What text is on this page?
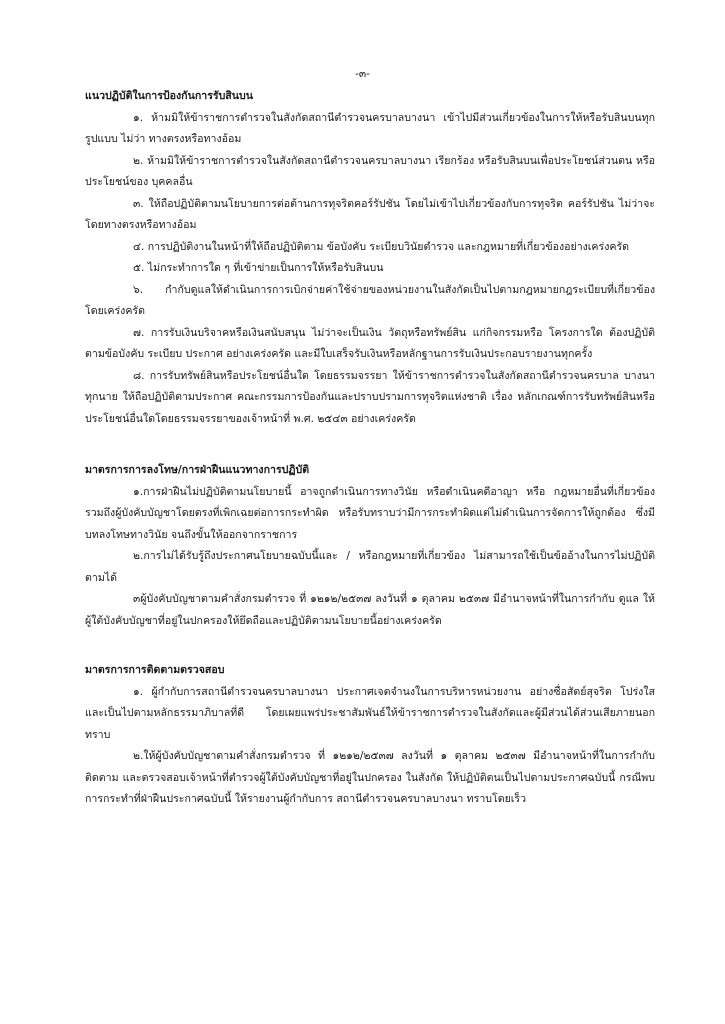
-๓-
แนวปฏิบัติในการป้องกันการรับสินบน

๑. ห้ามมิให้ข้าราชการตำรวจในสังกัดสถานีตำรวจนครบาลบางนา เข้าไปมีส่วนเกี่ยวข้องในการให้หรือรับสินบนทุกรูปแบบ ไม่ว่า ทางตรงหรือทางอ้อม

๒. ห้ามมิให้ข้าราชการตำรวจในสังกัดสถานีตำรวจนครบาลบางนา เรียกร้อง หรือรับสินบนเพื่อประโยชน์ส่วนตน หรือประโยชน์ของ บุคคลอื่น

๓. ให้ถือปฏิบัติตามนโยบายการต่อต้านการทุจริตคอร์รัปชัน โดยไม่เข้าไปเกี่ยวข้องกับการทุจริต คอร์รัปชัน ไม่ว่าจะโดยทางตรงหรือทางอ้อม

๔. การปฏิบัติงานในหน้าที่ให้ถือปฏิบัติตาม ข้อบังคับ ระเบียบวินัยตำรวจ และกฎหมายที่เกี่ยวข้องอย่างเคร่งครัด

๕. ไม่กระทำการใด ๆ ที่เข้าข่ายเป็นการให้หรือรับสินบน

๖. กำกับดูแลให้ดำเนินการการเบิกจ่ายค่าใช้จ่ายของหน่วยงานในสังกัดเป็นไปตามกฎหมายกฎระเบียบที่เกี่ยวข้องโดยเคร่งครัด

๗. การรับเงินบริจาคหรือเงินสนับสนุน ไม่ว่าจะเป็นเงิน วัตถุหรือทรัพย์สิน แก่กิจกรรมหรือ โครงการใด ต้องปฏิบัติตามข้อบังคับ ระเบียบ ประกาศ อย่างเคร่งครัด และมีใบเสร็จรับเงินหรือหลักฐานการรับเงินประกอบรายงานทุกครั้ง

๘. การรับทรัพย์สินหรือประโยชน์อื่นใด โดยธรรมจรรยา ให้ข้าราชการตำรวจในสังกัดสถานีตำรวจนครบาล บางนา ทุกนาย ให้ถือปฏิบัติตามประกาศ คณะกรรมการป้องกันและปราบปรามการทุจริตแห่งชาติ เรื่อง หลักเกณฑ์การรับทรัพย์สินหรือประโยชน์อื่นใดโดยธรรมจรรยาของเจ้าหน้าที่ พ.ศ. ๒๕๔๓ อย่างเคร่งครัด

มาตรการการลงโทษ/การฝ่าฝืนแนวทางการปฏิบัติ

๑.การฝ่าฝืนไม่ปฏิบัติตามนโยบายนี้ อาจถูกดำเนินการทางวินัย หรือดำเนินคดีอาญา หรือ กฎหมายอื่นที่เกี่ยวข้อง รวมถึงผู้บังคับบัญชาโดยตรงที่เพิกเฉยต่อการกระทำผิด หรือรับทราบว่ามีการกระทำผิดแต่ไม่ดำเนินการจัดการให้ถูกต้อง ซึ่งมีบทลงโทษทางวินัย จนถึงขั้นให้ออกจากราชการ

๒.การไม่ได้รับรู้ถึงประกาศนโยบายฉบับนี้และ / หรือกฎหมายที่เกี่ยวข้อง ไม่สามารถใช้เป็นข้ออ้างในการไม่ปฏิบัติตามได้

๓ผู้บังคับบัญชาตามคำสั่งกรมตำรวจ ที่ ๑๒๑๒/๒๕๓๗ ลงวันที่ ๑ ตุลาคม ๒๕๓๗ มีอำนาจหน้าที่ในการกำกับ ดูแล ให้ผู้ใต้บังคับบัญชาที่อยู่ในปกครองให้ยึดถือและปฏิบัติตามนโยบายนี้อย่างเคร่งครัด

มาตรการการติดตามตรวจสอบ

๑. ผู้กำกับการสถานีตำรวจนครบาลบางนา ประกาศเจตจำนงในการบริหารหน่วยงาน อย่างซื่อสัตย์สุจริต โปร่งใส และเป็นไปตามหลักธรรมาภิบาลที่ดี โดยเผยแพร่ประชาสัมพันธ์ให้ข้าราชการตำรวจในสังกัดและผู้มีส่วนได้ส่วนเสียภายนอกทราบ

๒.ให้ผู้บังคับบัญชาตามคำสั่งกรมตำรวจ ที่ ๑๒๑๒/๒๕๓๗ ลงวันที่ ๑ ตุลาคม ๒๕๓๗ มีอำนาจหน้าที่ในการกำกับ ติดตาม และตรวจสอบเจ้าหน้าที่ตำรวจผู้ใต้บังคับบัญชาที่อยู่ในปกครอง ในสังกัด ให้ปฏิบัติตนเป็นไปตามประกาศฉบับนี้ กรณีพบการกระทำที่ฝ่าฝืนประกาศฉบับนี้ ให้รายงานผู้กำกับการ สถานีตำรวจนครบาลบางนา ทราบโดยเร็ว
